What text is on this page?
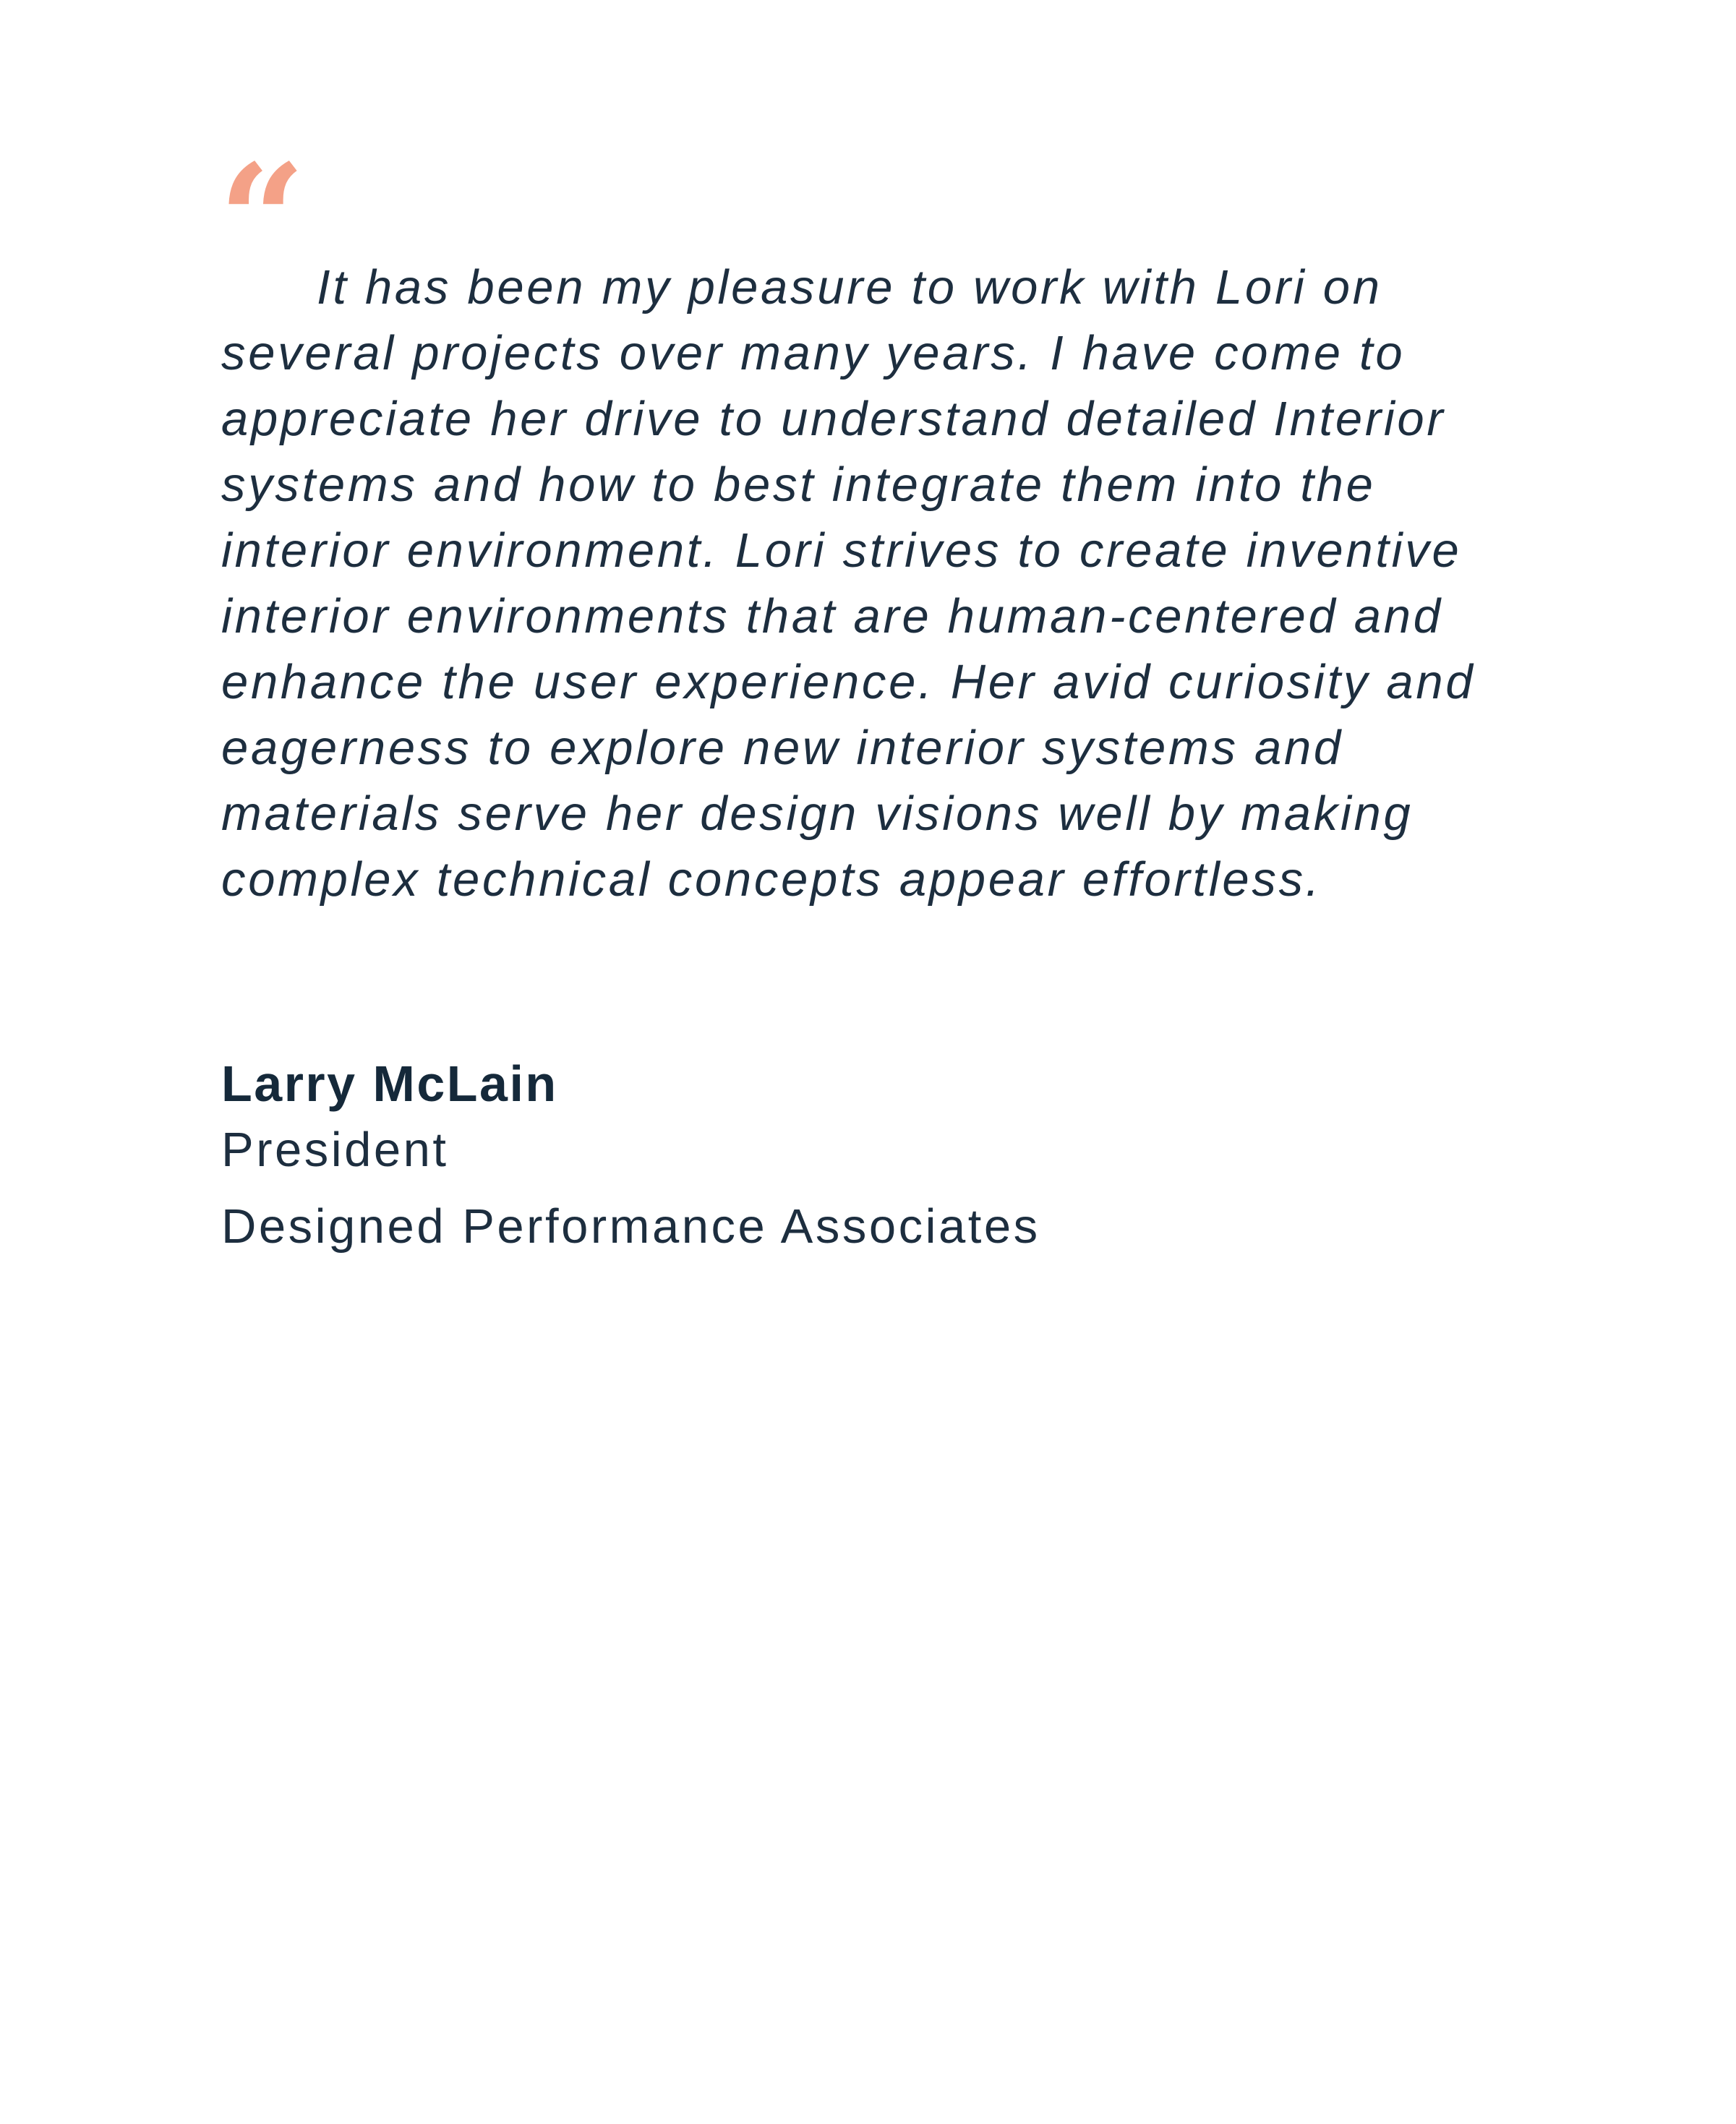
“ It has been my pleasure to work with Lori on several projects over many years. I have come to appreciate her drive to understand detailed Interior systems and how to best integrate them into the interior environment. Lori strives to create inventive interior environments that are human-centered and enhance the user experience. Her avid curiosity and eagerness to explore new interior systems and materials serve her design visions well by making complex technical concepts appear effortless.

Larry McLain
President
Designed Performance Associates
